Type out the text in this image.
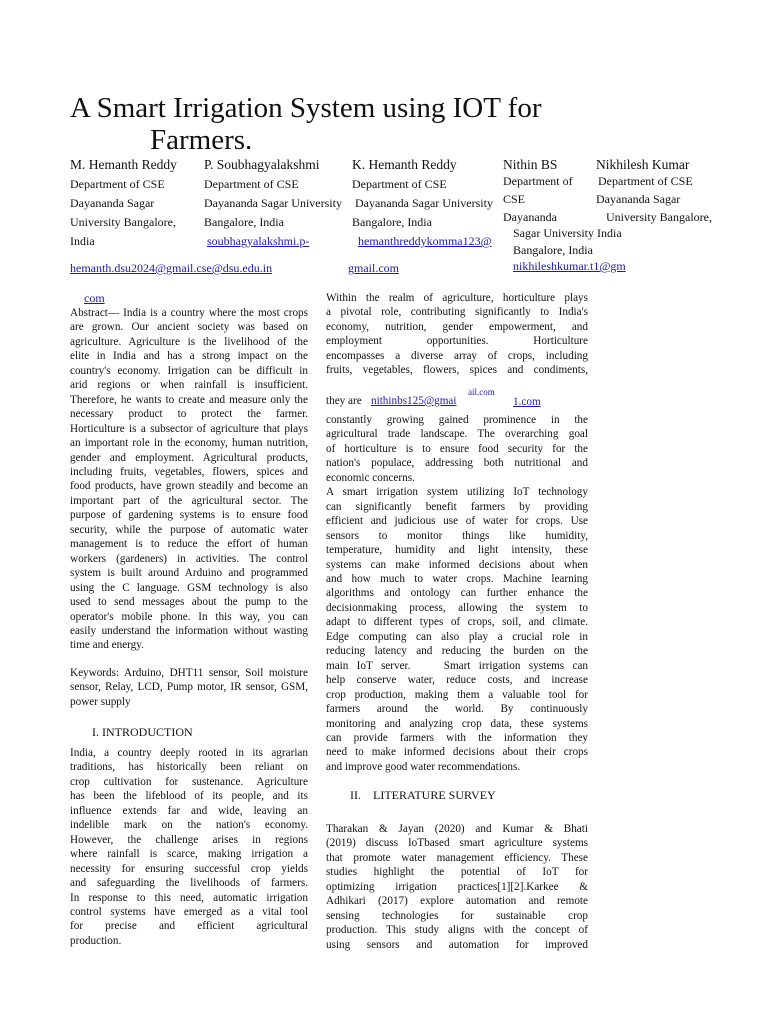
A Smart Irrigation System using IOT for
Farmers.
M. Hemanth Reddy
Department of CSE
Dayananda Sagar
University Bangalore,
India
P. Soubhagyalakshmi
Department of CSE
Dayananda Sagar University
Bangalore, India
soubhagyalakshmi.p-
K. Hemanth Reddy
Department of CSE
Dayananda Sagar University
Bangalore, India
hemanthreddykomma123@
gmail.com
Nithin BS
Department of
CSE
Dayananda
Sagar University India
Bangalore, India
Nikhilesh Kumar
Department of CSE
Dayananda Sagar
University Bangalore,
nikhileshkumar.t1@gm
hemanth.dsu2024@gmail.cse@dsu.edu.in
com
Abstract— India is a country where the most crops
are grown. Our ancient society was based on
agriculture. Agriculture is the livelihood of the
elite in India and has a strong impact on the
country's economy. Irrigation can be difficult in
arid regions or when rainfall is insufficient.
Therefore, he wants to create and measure only the
necessary product to protect the farmer.
Horticulture is a subsector of agriculture that plays
an important role in the economy, human nutrition,
gender and employment. Agricultural products,
including fruits, vegetables, flowers, spices and
food products, have grown steadily and become an
important part of the agricultural sector. The
purpose of gardening systems is to ensure food
security, while the purpose of automatic water
management is to reduce the effort of human
workers (gardeners) in activities. The control
system is built around Arduino and programmed
using the C language. GSM technology is also
used to send messages about the pump to the
operator's mobile phone. In this way, you can
easily understand the information without wasting
time and energy.
Keywords: Arduino, DHT11 sensor, Soil moisture
sensor, Relay, LCD, Pump motor, IR sensor, GSM,
power supply
I. INTRODUCTION
India, a country deeply rooted in its agrarian
traditions, has historically been reliant on
crop cultivation for sustenance. Agriculture
has been the lifeblood of its people, and its
influence extends far and wide, leaving an
indelible mark on the nation's economy.
However, the challenge arises in regions
where rainfall is scarce, making irrigation a
necessity for ensuring successful crop yields
and safeguarding the livelihoods of farmers.
In response to this need, automatic irrigation
control systems have emerged as a vital tool
for precise and efficient agricultural
production.
Within the realm of agriculture, horticulture plays
a pivotal role, contributing significantly to India's
economy, nutrition, gender empowerment, and
employment opportunities. Horticulture
encompasses a diverse array of crops, including
fruits, vegetables, flowers, spices and condiments,
they are nithinbs125@gmai
ail.com
1.com
constantly growing gained prominence in the
agricultural trade landscape. The overarching goal
of horticulture is to ensure food security for the
nation's populace, addressing both nutritional and
economic concerns.
A smart irrigation system utilizing IoT technology
can significantly benefit farmers by providing
efficient and judicious use of water for crops. Use
sensors to monitor things like humidity,
temperature, humidity and light intensity, these
systems can make informed decisions about when
and how much to water crops. Machine learning
algorithms and ontology can further enhance the
decisionmaking process, allowing the system to
adapt to different types of crops, soil, and climate.
Edge computing can also play a crucial role in
reducing latency and reducing the burden on the
main IoT server.    Smart irrigation systems can
help conserve water, reduce costs, and increase
crop production, making them a valuable tool for
farmers around the world. By continuously
monitoring and analyzing crop data, these systems
can provide farmers with the information they
need to make informed decisions about their crops
and improve good water recommendations.
II.    LITERATURE SURVEY
Tharakan & Jayan (2020) and Kumar & Bhati
(2019) discuss IoTbased smart agriculture systems
that promote water management efficiency. These
studies highlight the potential of IoT for
optimizing irrigation practices[1][2].Karkee &
Adhikari (2017) explore automation and remote
sensing technologies for sustainable crop
production. This study aligns with the concept of
using sensors and automation for improved
